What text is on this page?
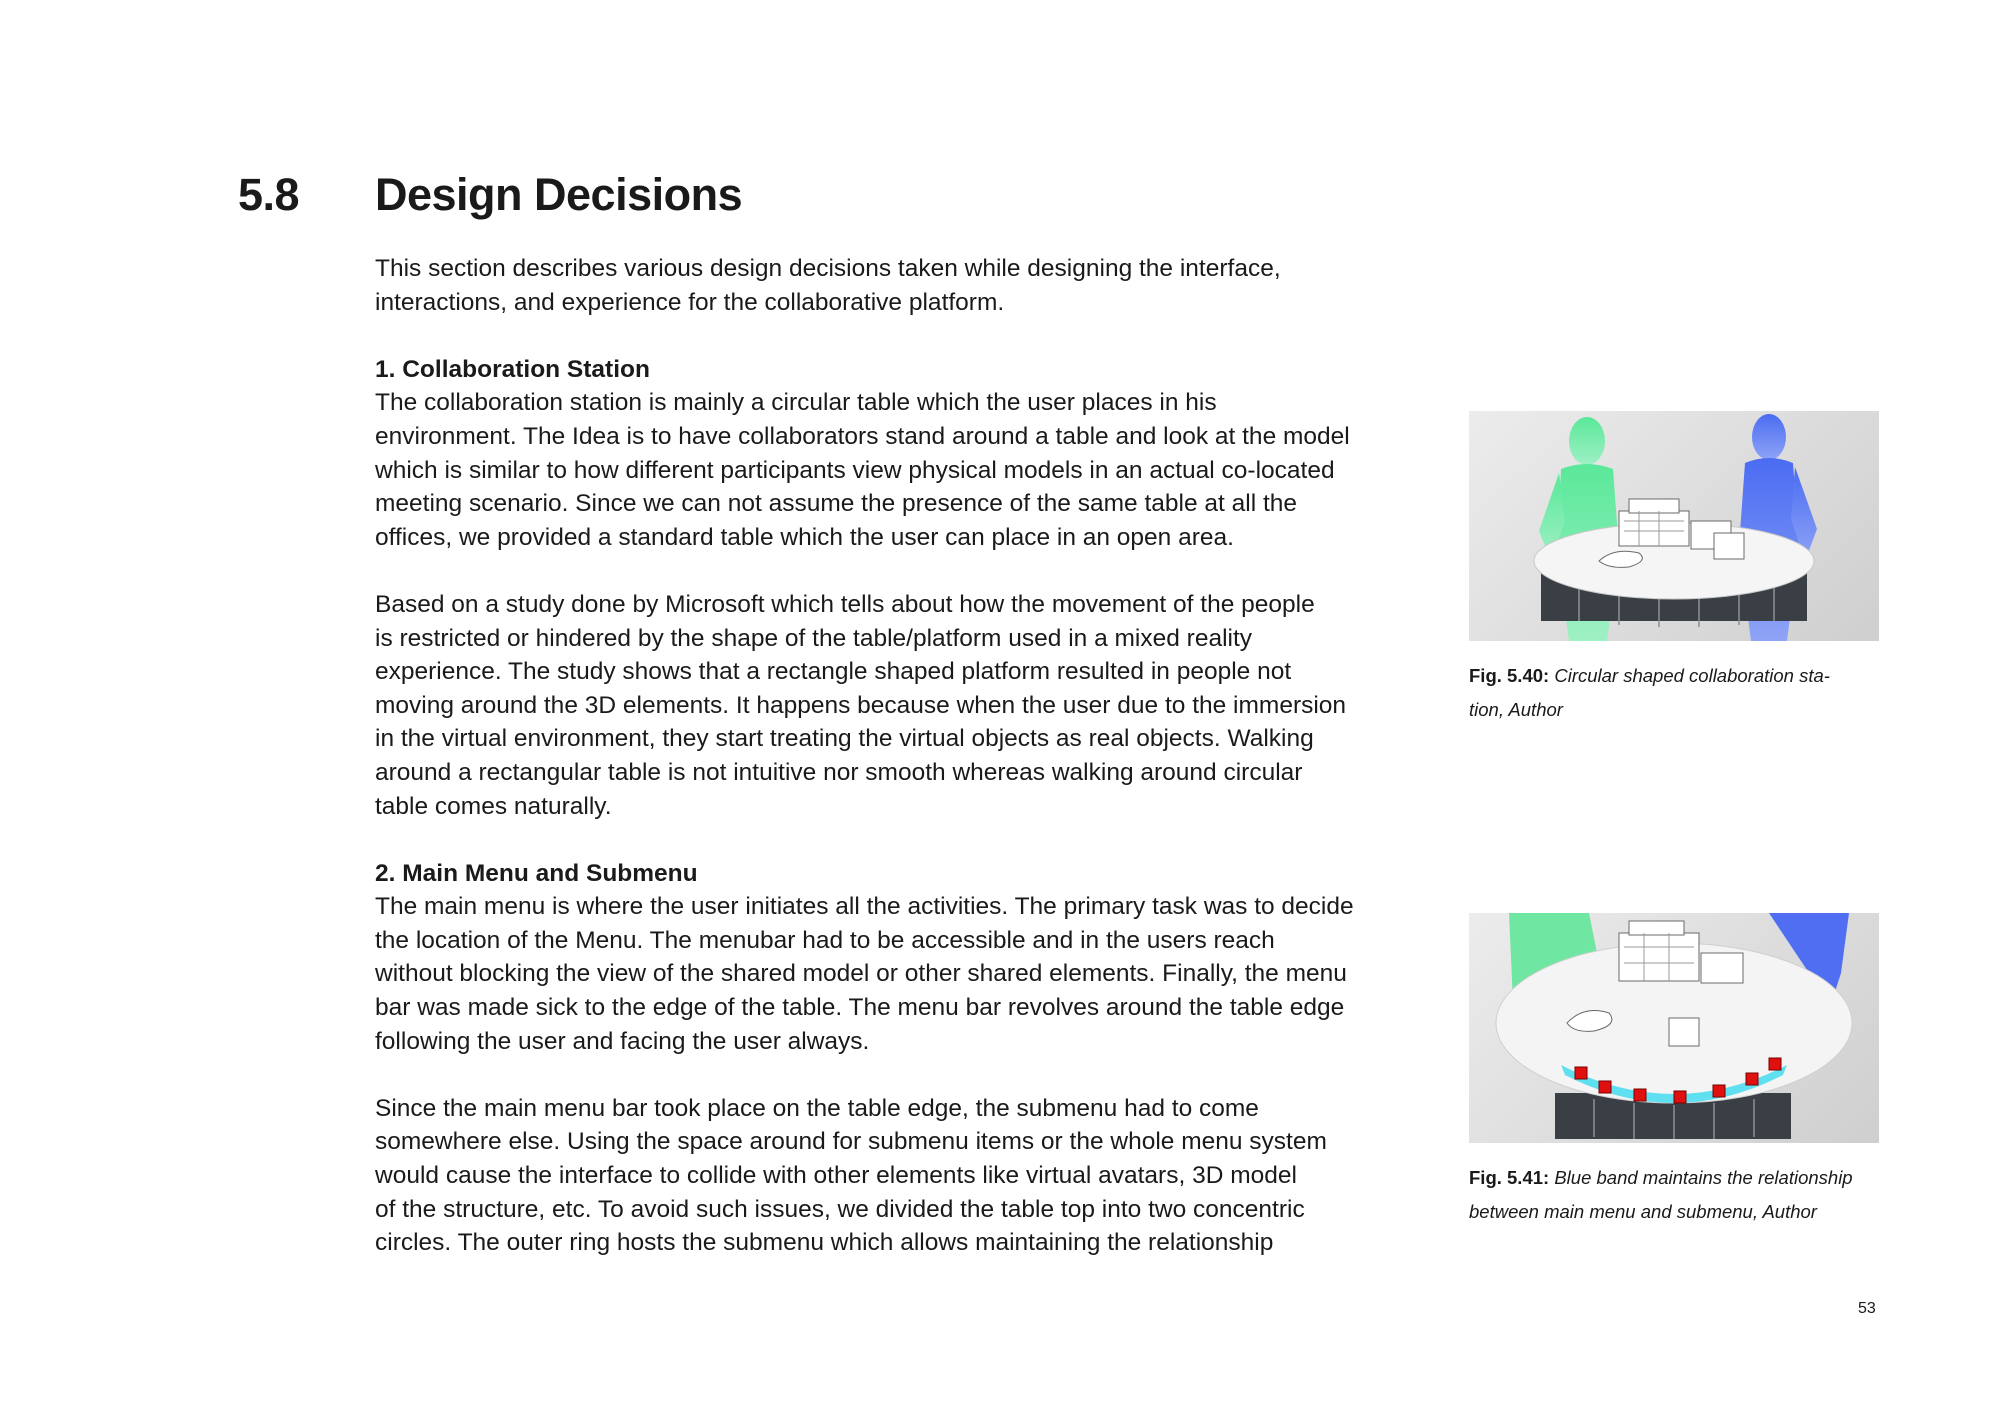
5.8 Design Decisions

This section describes various design decisions taken while designing the interface,
interactions, and experience for the collaborative platform.

1. Collaboration Station
The collaboration station is mainly a circular table which the user places in his
environment. The Idea is to have collaborators stand around a table and look at the model
which is similar to how different participants view physical models in an actual co-located
meeting scenario. Since we can not assume the presence of the same table at all the
offices, we provided a standard table which the user can place in an open area.

Based on a study done by Microsoft which tells about how the movement of the people
is restricted or hindered by the shape of the table/platform used in a mixed reality
experience. The study shows that a rectangle shaped platform resulted in people not
moving around the 3D elements. It happens because when the user due to the immersion
in the virtual environment, they start treating the virtual objects as real objects. Walking
around a rectangular table is not intuitive nor smooth whereas walking around circular
table comes naturally.

2. Main Menu and Submenu
The main menu is where the user initiates all the activities. The primary task was to decide
the location of the Menu. The menubar had to be accessible and in the users reach
without blocking the view of the shared model or other shared elements. Finally, the menu
bar was made sick to the edge of the table. The menu bar revolves around the table edge
following the user and facing the user always.

Since the main menu bar took place on the table edge, the submenu had to come
somewhere else. Using the space around for submenu items or the whole menu system
would cause the interface to collide with other elements like virtual avatars, 3D model
of the structure, etc. To avoid such issues, we divided the table top into two concentric
circles. The outer ring hosts the submenu which allows maintaining the relationship

Fig. 5.40: Circular shaped collaboration sta-
tion, Author
Fig. 5.41: Blue band maintains the relationship
between main menu and submenu, Author
53
